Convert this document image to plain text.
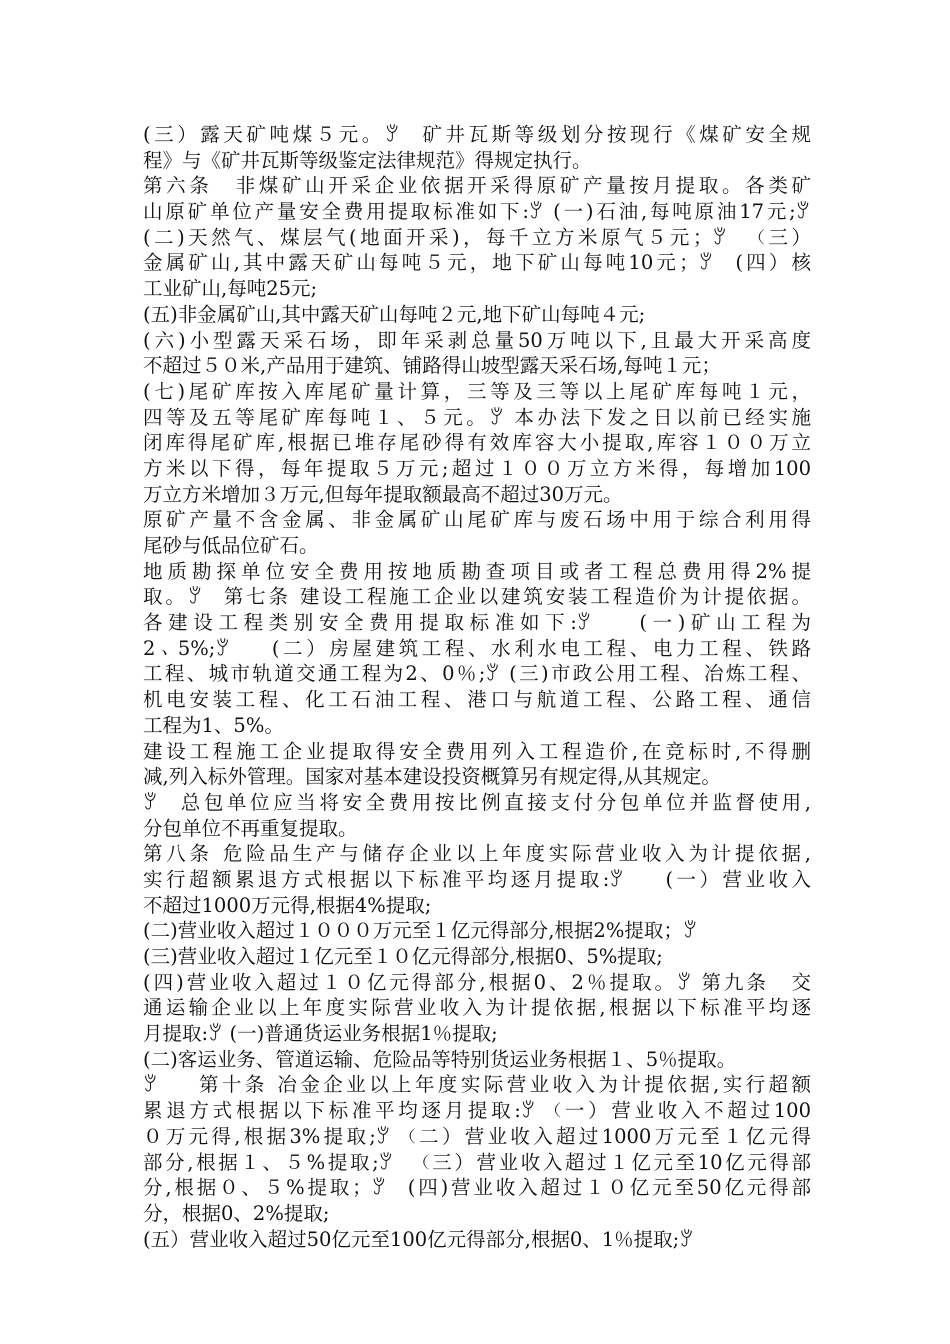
(三）露天矿吨煤５元。ꇠ　矿井瓦斯等级划分按现行《煤矿安全规
程》与《矿井瓦斯等级鉴定法律规范》得规定执行。
第六条　非煤矿山开采企业依据开采得原矿产量按月提取。各类矿
山原矿单位产量安全费用提取标准如下:ꇠ (一)石油,每吨原油17元;ꇠ
(二)天然气、煤层气(地面开采)，每千立方米原气５元；ꇠ　（三）
金属矿山,其中露天矿山每吨５元，地下矿山每吨10元；ꇠ　(四）核
工业矿山,每吨25元;
(五)非金属矿山,其中露天矿山每吨２元,地下矿山每吨４元;
(六)小型露天采石场，即年采剥总量50万吨以下,且最大开采高度
不超过５０米,产品用于建筑、铺路得山坡型露天采石场,每吨１元；
(七)尾矿库按入库尾矿量计算，三等及三等以上尾矿库每吨１元，
四等及五等尾矿库每吨１、５元。ꇠ 本办法下发之日以前已经实施
闭库得尾矿库,根据已堆存尾砂得有效库容大小提取,库容１００万立
方米以下得，每年提取５万元;超过１００万立方米得，每增加100
万立方米增加３万元,但每年提取额最高不超过30万元。
原矿产量不含金属、非金属矿山尾矿库与废石场中用于综合利用得
尾砂与低品位矿石。
地质勘探单位安全费用按地质勘查项目或者工程总费用得2%提
取。ꇠ　第七条 建设工程施工企业以建筑安装工程造价为计提依据。
各建设工程类别安全费用提取标准如下:ꇠ　　(一)矿山工程为
2、5%;ꇠ　　(二）房屋建筑工程、水利水电工程、电力工程、铁路
工程、城市轨道交通工程为2、0％;ꇠ (三)市政公用工程、冶炼工程、
机电安装工程、化工石油工程、港口与航道工程、公路工程、通信
工程为1、5%。
建设工程施工企业提取得安全费用列入工程造价,在竞标时,不得删
减,列入标外管理。国家对基本建设投资概算另有规定得,从其规定。
ꇠ　总包单位应当将安全费用按比例直接支付分包单位并监督使用,
分包单位不再重复提取。
第八条 危险品生产与储存企业以上年度实际营业收入为计提依据,
实行超额累退方式根据以下标准平均逐月提取:ꇠ　　(一）营业收入
不超过1000万元得,根据4%提取;
(二)营业收入超过１０００万元至１亿元得部分,根据2%提取；ꇠ
(三)营业收入超过１亿元至１０亿元得部分,根据0、5%提取;
(四)营业收入超过１０亿元得部分,根据0、2％提取。ꇠ 第九条　交
通运输企业以上年度实际营业收入为计提依据,根据以下标准平均逐
月提取:ꇠ (一)普通货运业务根据1％提取;
(二)客运业务、管道运输、危险品等特别货运业务根据１、5％提取。
ꇠ　　第十条 冶金企业以上年度实际营业收入为计提依据,实行超额
累退方式根据以下标准平均逐月提取:ꇠ （一）营业收入不超过100
０万元得,根据3%提取;ꇠ （二）营业收入超过1000万元至１亿元得
部分,根据１、５%提取;ꇠ　（三）营业收入超过１亿元至10亿元得部
分,根据０、５%提取；ꇠ　(四)营业收入超过１０亿元至50亿元得部
分，根据0、2%提取;
(五）营业收入超过50亿元至100亿元得部分,根据0、1％提取;ꇠ
